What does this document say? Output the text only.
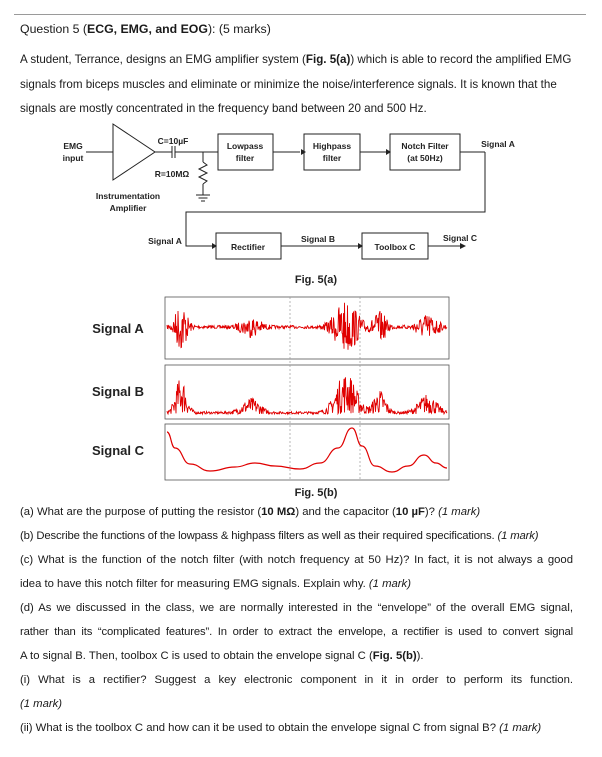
Question 5 (ECG, EMG, and EOG): (5 marks)
A student, Terrance, designs an EMG amplifier system (Fig. 5(a)) which is able to record the amplified EMG signals from biceps muscles and eliminate or minimize the noise/interference signals. It is known that the signals are mostly concentrated in the frequency band between 20 and 500 Hz.
EMG
input
C=10µF
R=10MΩ
Instrumentation
Amplifier
Lowpass
filter
Highpass
filter
Notch Filter
(at 50Hz)
Signal A
Signal A
Rectifier
Signal B
Toolbox C
Signal C
Fig. 5(a)
Signal A
Signal B
Signal C
Fig. 5(b)
(a) What are the purpose of putting the resistor (10 MΩ) and the capacitor (10 µF)? (1 mark)
(b) Describe the functions of the lowpass & highpass filters as well as their required specifications. (1 mark)
(c) What is the function of the notch filter (with notch frequency at 50 Hz)? In fact, it is not always a good
idea to have this notch filter for measuring EMG signals. Explain why. (1 mark)
(d) As we discussed in the class, we are normally interested in the “envelope” of the overall EMG signal,
rather than its “complicated features”. In order to extract the envelope, a rectifier is used to convert signal
A to signal B. Then, toolbox C is used to obtain the envelope signal C (Fig. 5(b)).
(i) What is a rectifier? Suggest a key electronic component in it in order to perform its function.
(1 mark)
(ii) What is the toolbox C and how can it be used to obtain the envelope signal C from signal B? (1 mark)
